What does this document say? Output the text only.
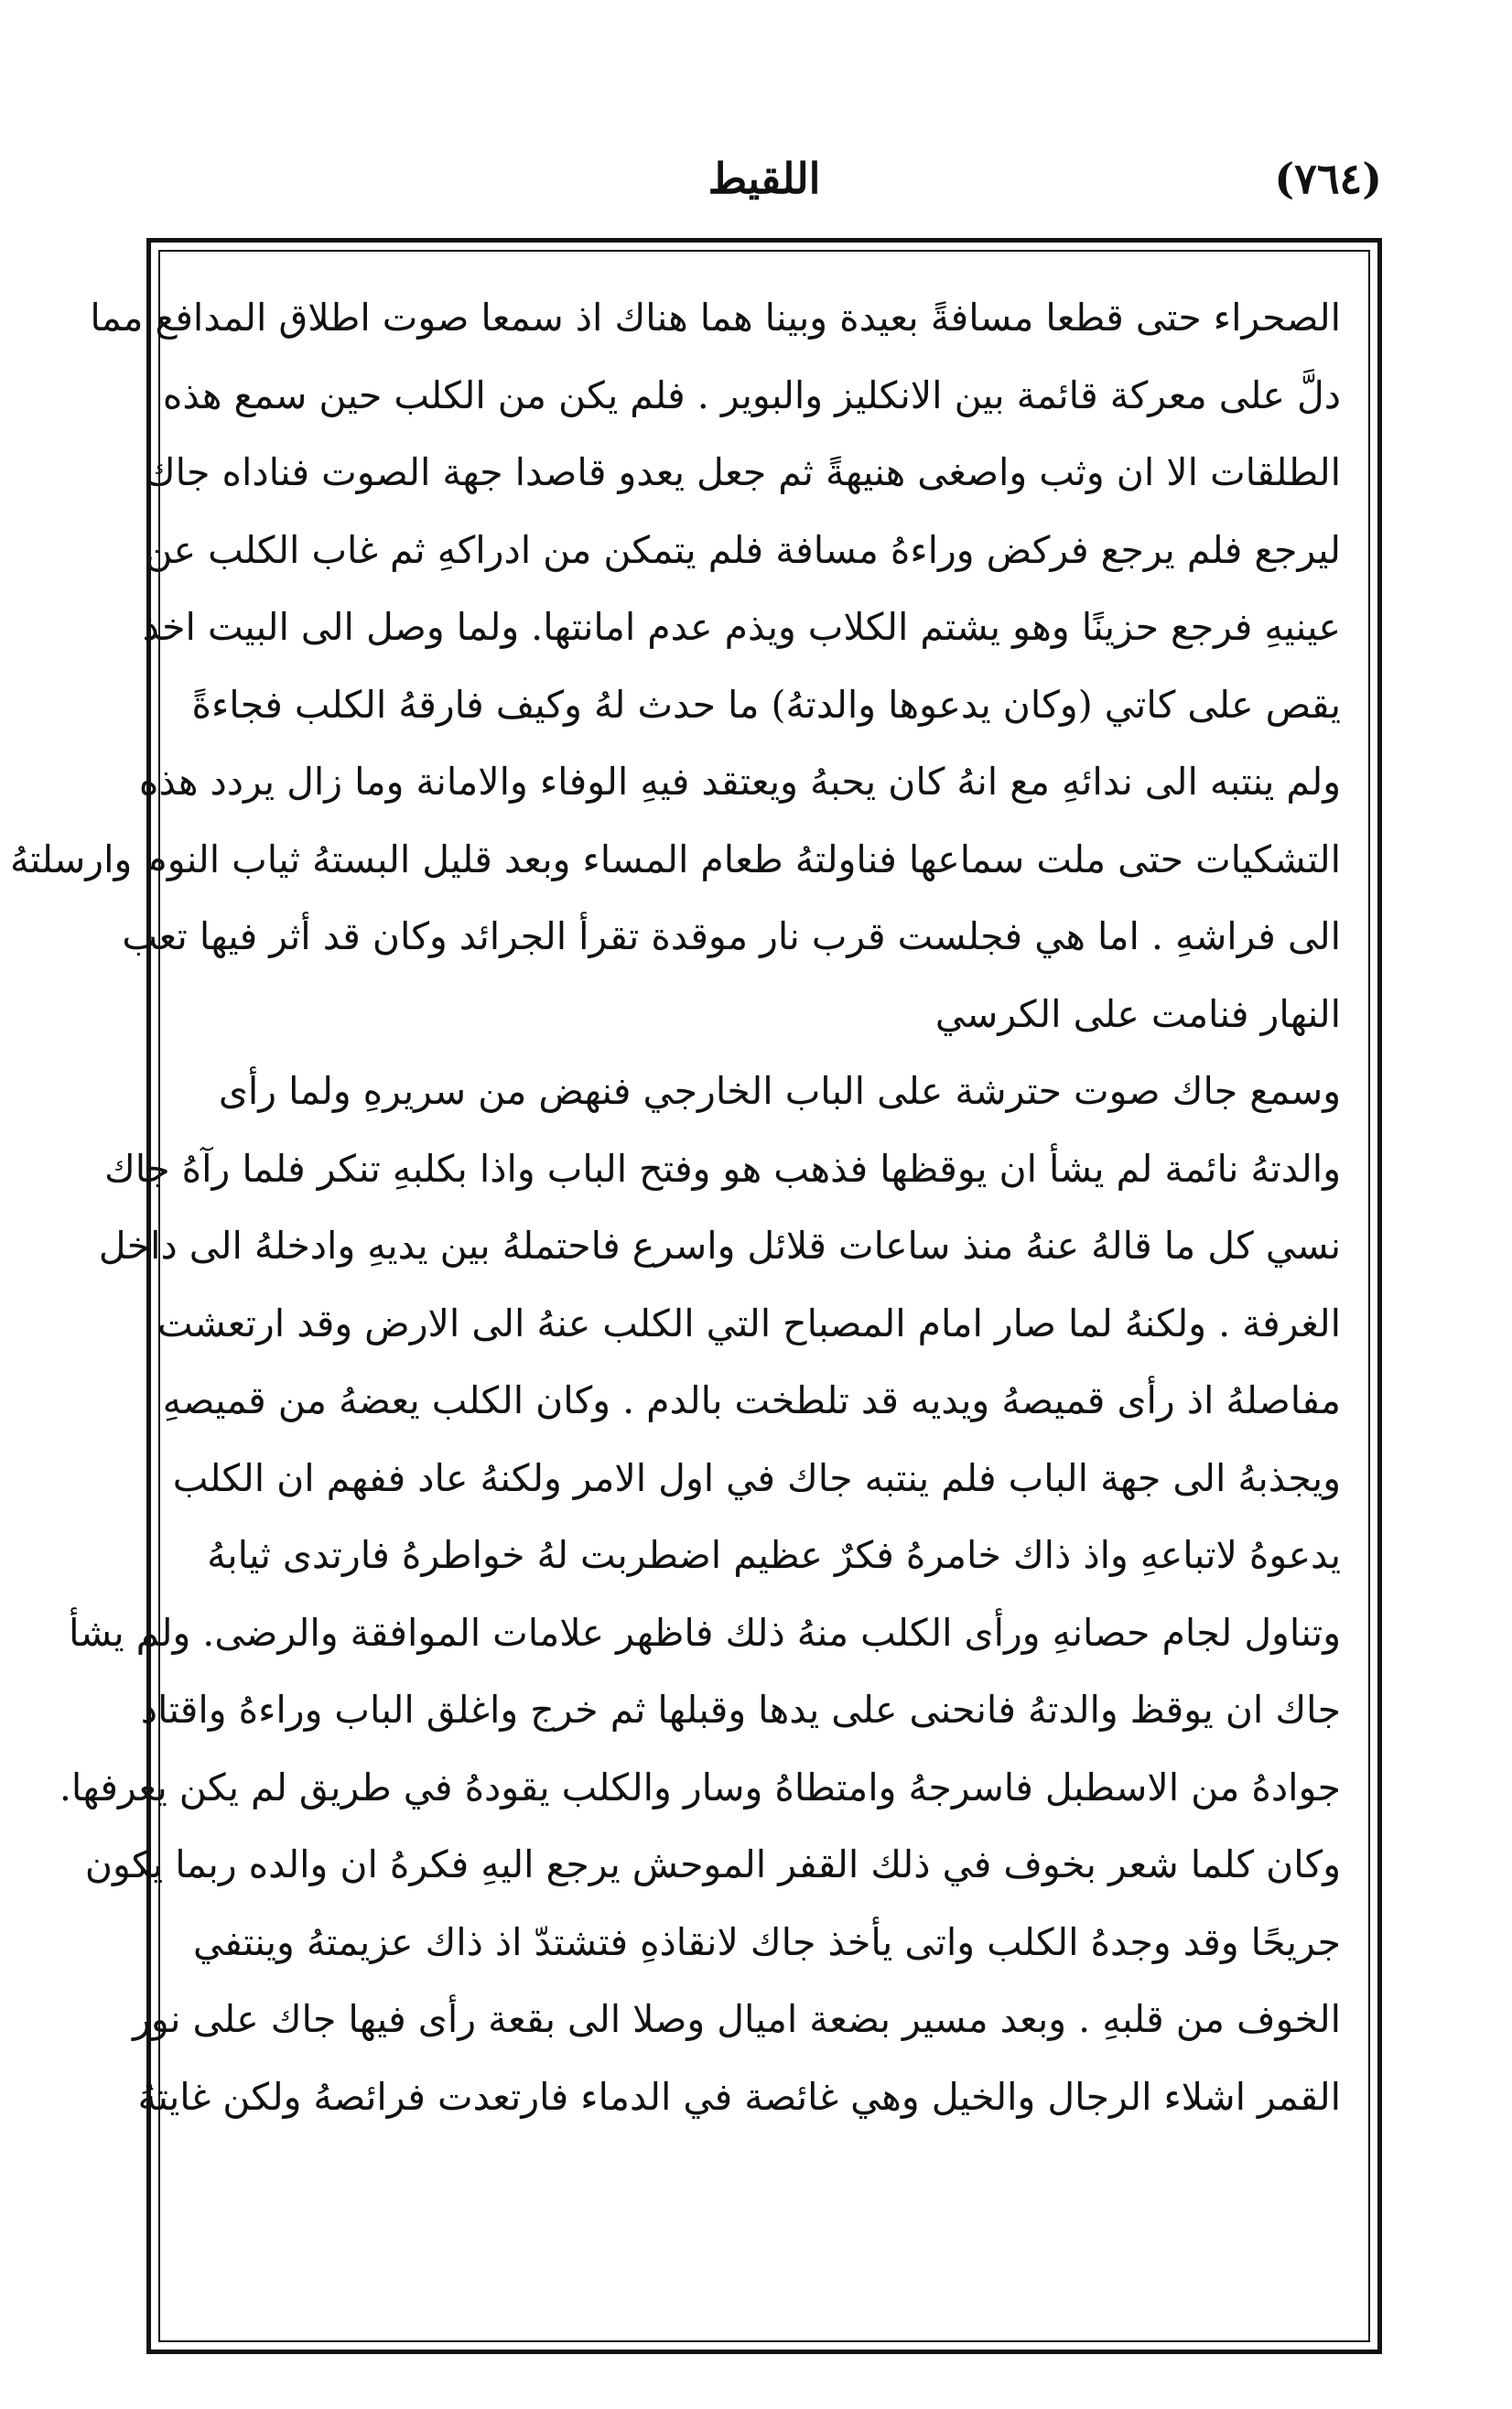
(٧٦٤)
اللقيط
الصحراء حتى قطعا مسافةً بعيدة وبينا هما هناك اذ سمعا صوت اطلاق المدافع مما
دلَّ على معركة قائمة بين الانكليز والبوير . فلم يكن من الكلب حين سمع هذه
الطلقات الا ان وثب واصغى هنيهةً ثم جعل يعدو قاصدا جهة الصوت فناداه جاك
ليرجع فلم يرجع فركض وراءهُ مسافة فلم يتمكن من ادراكهِ ثم غاب الكلب عن
عينيهِ فرجع حزينًا وهو يشتم الكلاب ويذم عدم امانتها. ولما وصل الى البيت اخذ
يقص على كاتي (وكان يدعوها والدتهُ) ما حدث لهُ وكيف فارقهُ الكلب فجاءةً
ولم ينتبه الى ندائهِ مع انهُ كان يحبهُ ويعتقد فيهِ الوفاء والامانة وما زال يردد هذه
التشكيات حتى ملت سماعها فناولتهُ طعام المساء وبعد قليل البستهُ ثياب النوم وارسلتهُ
الى فراشهِ . اما هي فجلست قرب نار موقدة تقرأ الجرائد وكان قد أثر فيها تعب
النهار فنامت على الكرسي
وسمع جاك صوت حترشة على الباب الخارجي فنهض من سريرهِ ولما رأى
والدتهُ نائمة لم يشأ ان يوقظها فذهب هو وفتح الباب واذا بكلبهِ تنكر فلما رآهُ جاك
نسي كل ما قالهُ عنهُ منذ ساعات قلائل واسرع فاحتملهُ بين يديهِ وادخلهُ الى داخل
الغرفة . ولكنهُ لما صار امام المصباح التي الكلب عنهُ الى الارض وقد ارتعشت
مفاصلهُ اذ رأى قميصهُ ويديه قد تلطخت بالدم . وكان الكلب يعضهُ من قميصهِ
ويجذبهُ الى جهة الباب فلم ينتبه جاك في اول الامر ولكنهُ عاد ففهم ان الكلب
يدعوهُ لاتباعهِ واذ ذاك خامرهُ فكرٌ عظيم اضطربت لهُ خواطرهُ فارتدى ثيابهُ
وتناول لجام حصانهِ ورأى الكلب منهُ ذلك فاظهر علامات الموافقة والرضى. ولم يشأ
جاك ان يوقظ والدتهُ فانحنى على يدها وقبلها ثم خرج واغلق الباب وراءهُ واقتاد
جوادهُ من الاسطبل فاسرجهُ وامتطاهُ وسار والكلب يقودهُ في طريق لم يكن يعرفها.
وكان كلما شعر بخوف في ذلك القفر الموحش يرجع اليهِ فكرهُ ان والده ربما يكون
جريحًا وقد وجدهُ الكلب واتى يأخذ جاك لانقاذهِ فتشتدّ اذ ذاك عزيمتهُ وينتفي
الخوف من قلبهِ . وبعد مسير بضعة اميال وصلا الى بقعة رأى فيها جاك على نور
القمر اشلاء الرجال والخيل وهي غائصة في الدماء فارتعدت فرائصهُ ولكن غايتهُ
